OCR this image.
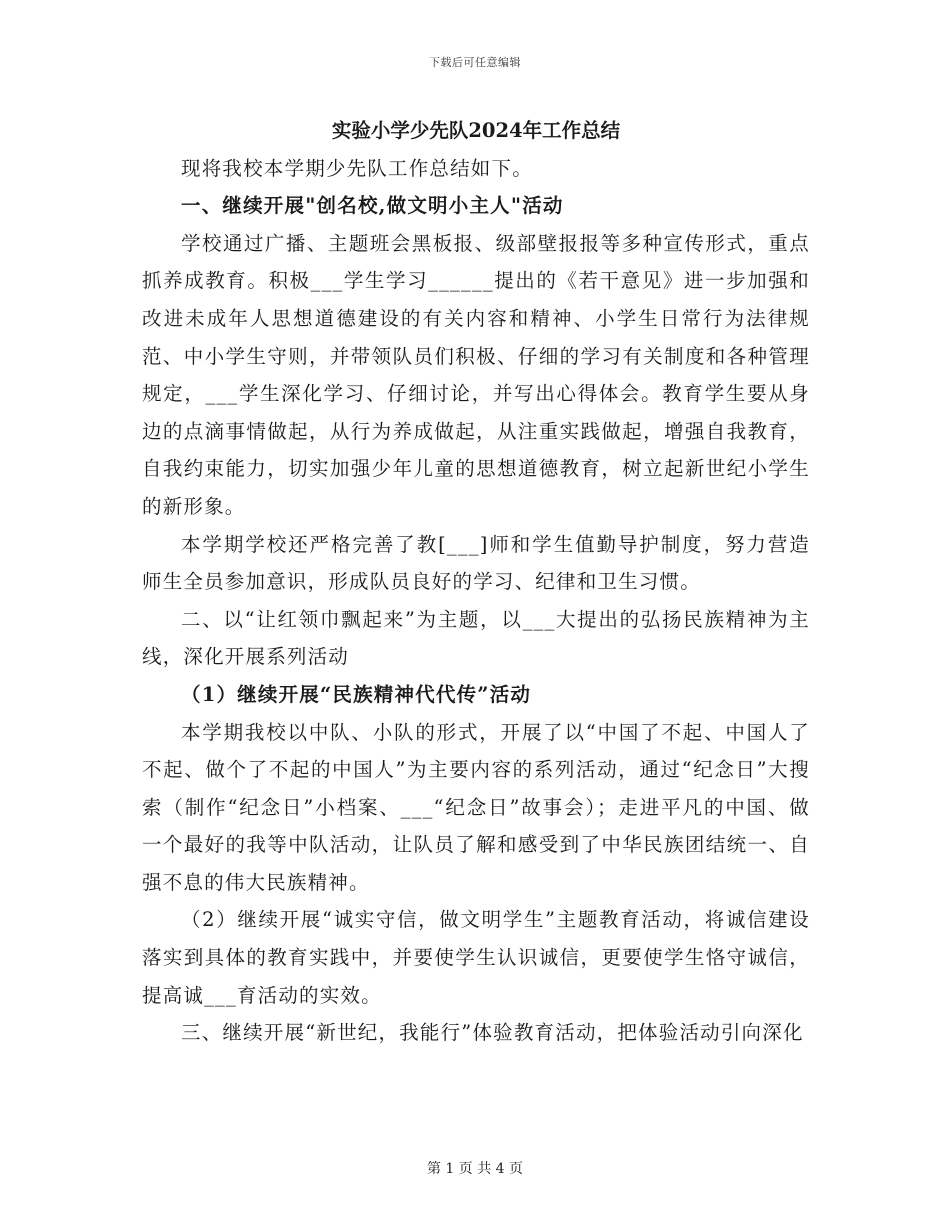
下载后可任意编辑
实验小学少先队2024年工作总结

现将我校本学期少先队工作总结如下。

一、继续开展"创名校,做文明小主人"活动

学校通过广播、主题班会黑板报、级部壁报报等多种宣传形式，重点抓养成教育。积极___学生学习______提出的《若干意见》进一步加强和改进未成年人思想道德建设的有关内容和精神、小学生日常行为法律规范、中小学生守则，并带领队员们积极、仔细的学习有关制度和各种管理规定，___学生深化学习、仔细讨论，并写出心得体会。教育学生要从身边的点滴事情做起，从行为养成做起，从注重实践做起，增强自我教育，自我约束能力，切实加强少年儿童的思想道德教育，树立起新世纪小学生的新形象。

本学期学校还严格完善了教[___]师和学生值勤导护制度，努力营造师生全员参加意识，形成队员良好的学习、纪律和卫生习惯。

二、以“让红领巾飘起来”为主题，以___大提出的弘扬民族精神为主线，深化开展系列活动

（1）继续开展“民族精神代代传”活动

本学期我校以中队、小队的形式，开展了以“中国了不起、中国人了不起、做个了不起的中国人”为主要内容的系列活动，通过“纪念日”大搜索（制作“纪念日”小档案、___“纪念日”故事会）；走进平凡的中国、做一个最好的我等中队活动，让队员了解和感受到了中华民族团结统一、自强不息的伟大民族精神。

（2）继续开展“诚实守信，做文明学生”主题教育活动，将诚信建设落实到具体的教育实践中，并要使学生认识诚信，更要使学生恪守诚信，提高诚___育活动的实效。

三、继续开展“新世纪，我能行”体验教育活动，把体验活动引向深化

第 1 页 共 4 页
